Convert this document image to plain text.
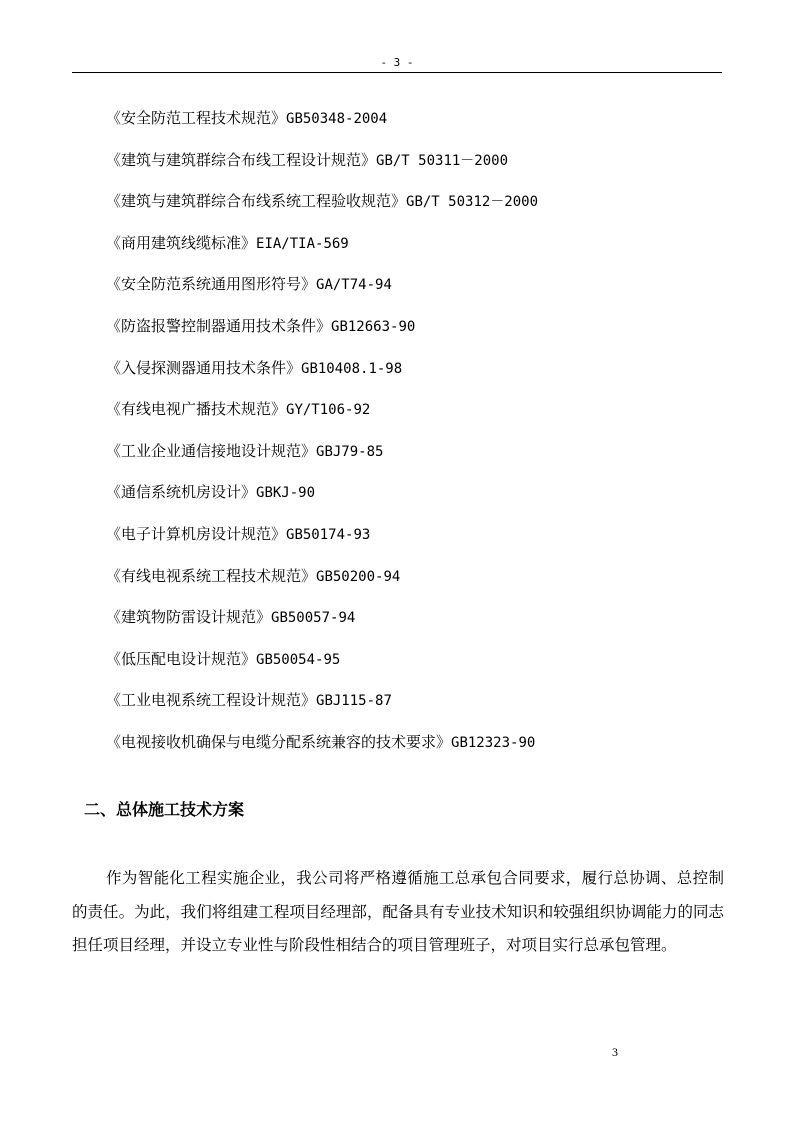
- 3 -
《安全防范工程技术规范》GB50348-2004
《建筑与建筑群综合布线工程设计规范》GB/T 50311－2000
《建筑与建筑群综合布线系统工程验收规范》GB/T 50312－2000
《商用建筑线缆标准》EIA/TIA-569
《安全防范系统通用图形符号》GA/T74-94
《防盗报警控制器通用技术条件》GB12663-90
《入侵探测器通用技术条件》GB10408.1-98
《有线电视广播技术规范》GY/T106-92
《工业企业通信接地设计规范》GBJ79-85
《通信系统机房设计》GBKJ-90
《电子计算机房设计规范》GB50174-93
《有线电视系统工程技术规范》GB50200-94
《建筑物防雷设计规范》GB50057-94
《低压配电设计规范》GB50054-95
《工业电视系统工程设计规范》GBJ115-87
《电视接收机确保与电缆分配系统兼容的技术要求》GB12323-90
二、总体施工技术方案

作为智能化工程实施企业，我公司将严格遵循施工总承包合同要求，履行总协调、总控制的责任。为此，我们将组建工程项目经理部，配备具有专业技术知识和较强组织协调能力的同志担任项目经理，并设立专业性与阶段性相结合的项目管理班子，对项目实行总承包管理。

3
